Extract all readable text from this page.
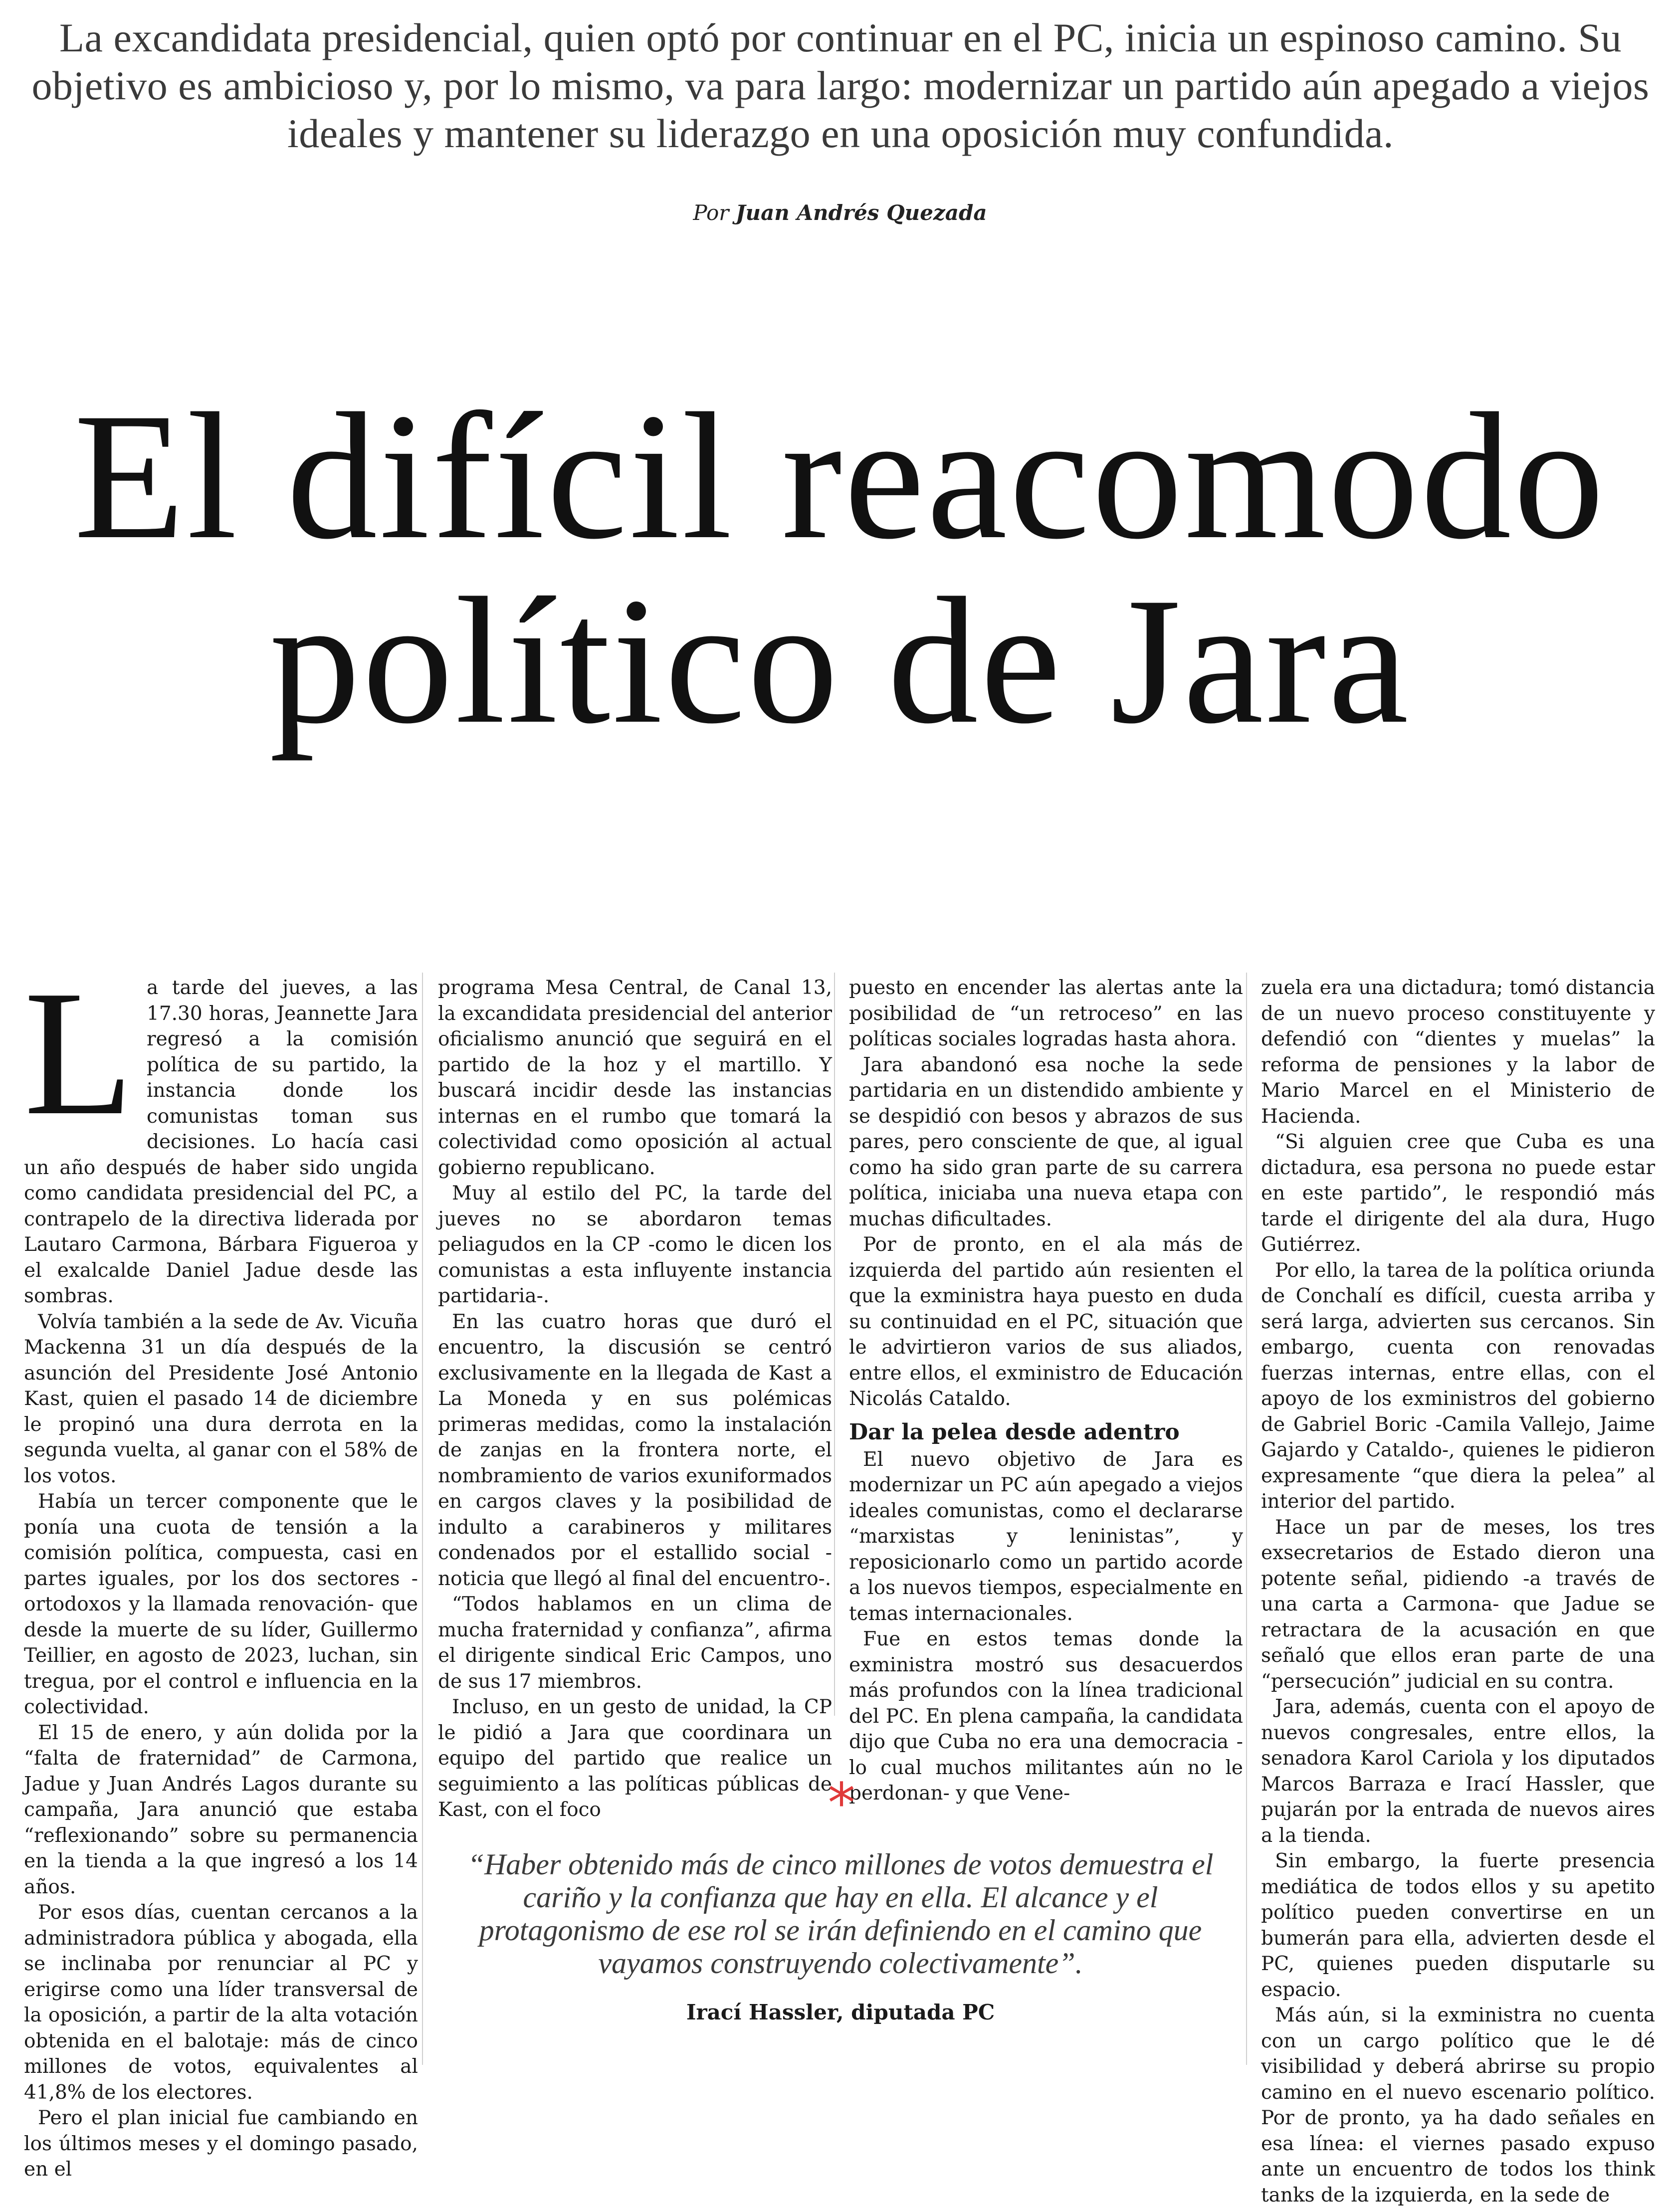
La excandidata presidencial, quien optó por continuar en el PC, inicia un espinoso camino. Su objetivo es ambicioso y, por lo mismo, va para largo: modernizar un partido aún apegado a viejos ideales y mantener su liderazgo en una oposición muy confundida.
Por Juan Andrés Quezada
El difícil reacomodo
político de Jara

La tarde del jueves, a las 17.30 horas, Jeannette Jara regresó a la comisión política de su partido, la instancia donde los comunistas toman sus decisiones. Lo hacía casi un año después de haber sido ungida como candidata presidencial del PC, a contrapelo de la directiva liderada por Lautaro Carmona, Bárbara Figueroa y el exalcalde Daniel Jadue desde las sombras.

Volvía también a la sede de Av. Vicuña Mackenna 31 un día después de la asunción del Presidente José Antonio Kast, quien el pasado 14 de diciembre le propinó una dura derrota en la segunda vuelta, al ganar con el 58% de los votos.

Había un tercer componente que le ponía una cuota de tensión a la comisión política, compuesta, casi en partes iguales, por los dos sectores -ortodoxos y la llamada renovación- que desde la muerte de su líder, Guillermo Teillier, en agosto de 2023, luchan, sin tregua, por el control e influencia en la colectividad.

El 15 de enero, y aún dolida por la “falta de fraternidad” de Carmona, Jadue y Juan Andrés Lagos durante su campaña, Jara anunció que estaba “reflexionando” sobre su permanencia en la tienda a la que ingresó a los 14 años.

Por esos días, cuentan cercanos a la administradora pública y abogada, ella se inclinaba por renunciar al PC y erigirse como una líder transversal de la oposición, a partir de la alta votación obtenida en el balotaje: más de cinco millones de votos, equivalentes al 41,8% de los electores.

Pero el plan inicial fue cambiando en los últimos meses y el domingo pasado, en el

programa Mesa Central, de Canal 13, la excandidata presidencial del anterior oficialismo anunció que seguirá en el partido de la hoz y el martillo. Y buscará incidir desde las instancias internas en el rumbo que tomará la colectividad como oposición al actual gobierno republicano.

Muy al estilo del PC, la tarde del jueves no se abordaron temas peliagudos en la CP -como le dicen los comunistas a esta influyente instancia partidaria-.

En las cuatro horas que duró el encuentro, la discusión se centró exclusivamente en la llegada de Kast a La Moneda y en sus polémicas primeras medidas, como la instalación de zanjas en la frontera norte, el nombramiento de varios exuniformados en cargos claves y la posibilidad de indulto a carabineros y militares condenados por el estallido social -noticia que llegó al final del encuentro-.

“Todos hablamos en un clima de mucha fraternidad y confianza”, afirma el dirigente sindical Eric Campos, uno de sus 17 miembros.

Incluso, en un gesto de unidad, la CP le pidió a Jara que coordinara un equipo del partido que realice un seguimiento a las políticas públicas de Kast, con el foco

puesto en encender las alertas ante la posibilidad de “un retroceso” en las políticas sociales logradas hasta ahora.

Jara abandonó esa noche la sede partidaria en un distendido ambiente y se despidió con besos y abrazos de sus pares, pero consciente de que, al igual como ha sido gran parte de su carrera política, iniciaba una nueva etapa con muchas dificultades.

Por de pronto, en el ala más de izquierda del partido aún resienten el que la exministra haya puesto en duda su continuidad en el PC, situación que le advirtieron varios de sus aliados, entre ellos, el exministro de Educación Nicolás Cataldo.

Dar la pelea desde adentro

El nuevo objetivo de Jara es modernizar un PC aún apegado a viejos ideales comunistas, como el declararse “marxistas y leninistas”, y reposicionarlo como un partido acorde a los nuevos tiempos, especialmente en temas internacionales.

Fue en estos temas donde la exministra mostró sus desacuerdos más profundos con la línea tradicional del PC. En plena campaña, la candidata dijo que Cuba no era una democracia -lo cual muchos militantes aún no le perdonan- y que Vene-

zuela era una dictadura; tomó distancia de un nuevo proceso constituyente y defendió con “dientes y muelas” la reforma de pensiones y la labor de Mario Marcel en el Ministerio de Hacienda.

“Si alguien cree que Cuba es una dictadura, esa persona no puede estar en este partido”, le respondió más tarde el dirigente del ala dura, Hugo Gutiérrez.

Por ello, la tarea de la política oriunda de Conchalí es difícil, cuesta arriba y será larga, advierten sus cercanos. Sin embargo, cuenta con renovadas fuerzas internas, entre ellas, con el apoyo de los exministros del gobierno de Gabriel Boric -Camila Vallejo, Jaime Gajardo y Cataldo-, quienes le pidieron expresamente “que diera la pelea” al interior del partido.

Hace un par de meses, los tres exsecretarios de Estado dieron una potente señal, pidiendo -a través de una carta a Carmona- que Jadue se retractara de la acusación en que señaló que ellos eran parte de una “persecución” judicial en su contra.

Jara, además, cuenta con el apoyo de nuevos congresales, entre ellos, la senadora Karol Cariola y los diputados Marcos Barraza e Irací Hassler, que pujarán por la entrada de nuevos aires a la tienda.

Sin embargo, la fuerte presencia mediática de todos ellos y su apetito político pueden convertirse en un bumerán para ella, advierten desde el PC, quienes pueden disputarle su espacio.

Más aún, si la exministra no cuenta con un cargo político que le dé visibilidad y deberá abrirse su propio camino en el nuevo escenario político. Por de pronto, ya ha dado señales en esa línea: el viernes pasado expuso ante un encuentro de todos los think tanks de la izquierda, en la sede de

*
“Haber obtenido más de cinco millones de votos demuestra el cariño y la confianza que hay en ella. El alcance y el protagonismo de ese rol se irán definiendo en el camino que vayamos construyendo colectivamente”.
Irací Hassler, diputada PC
